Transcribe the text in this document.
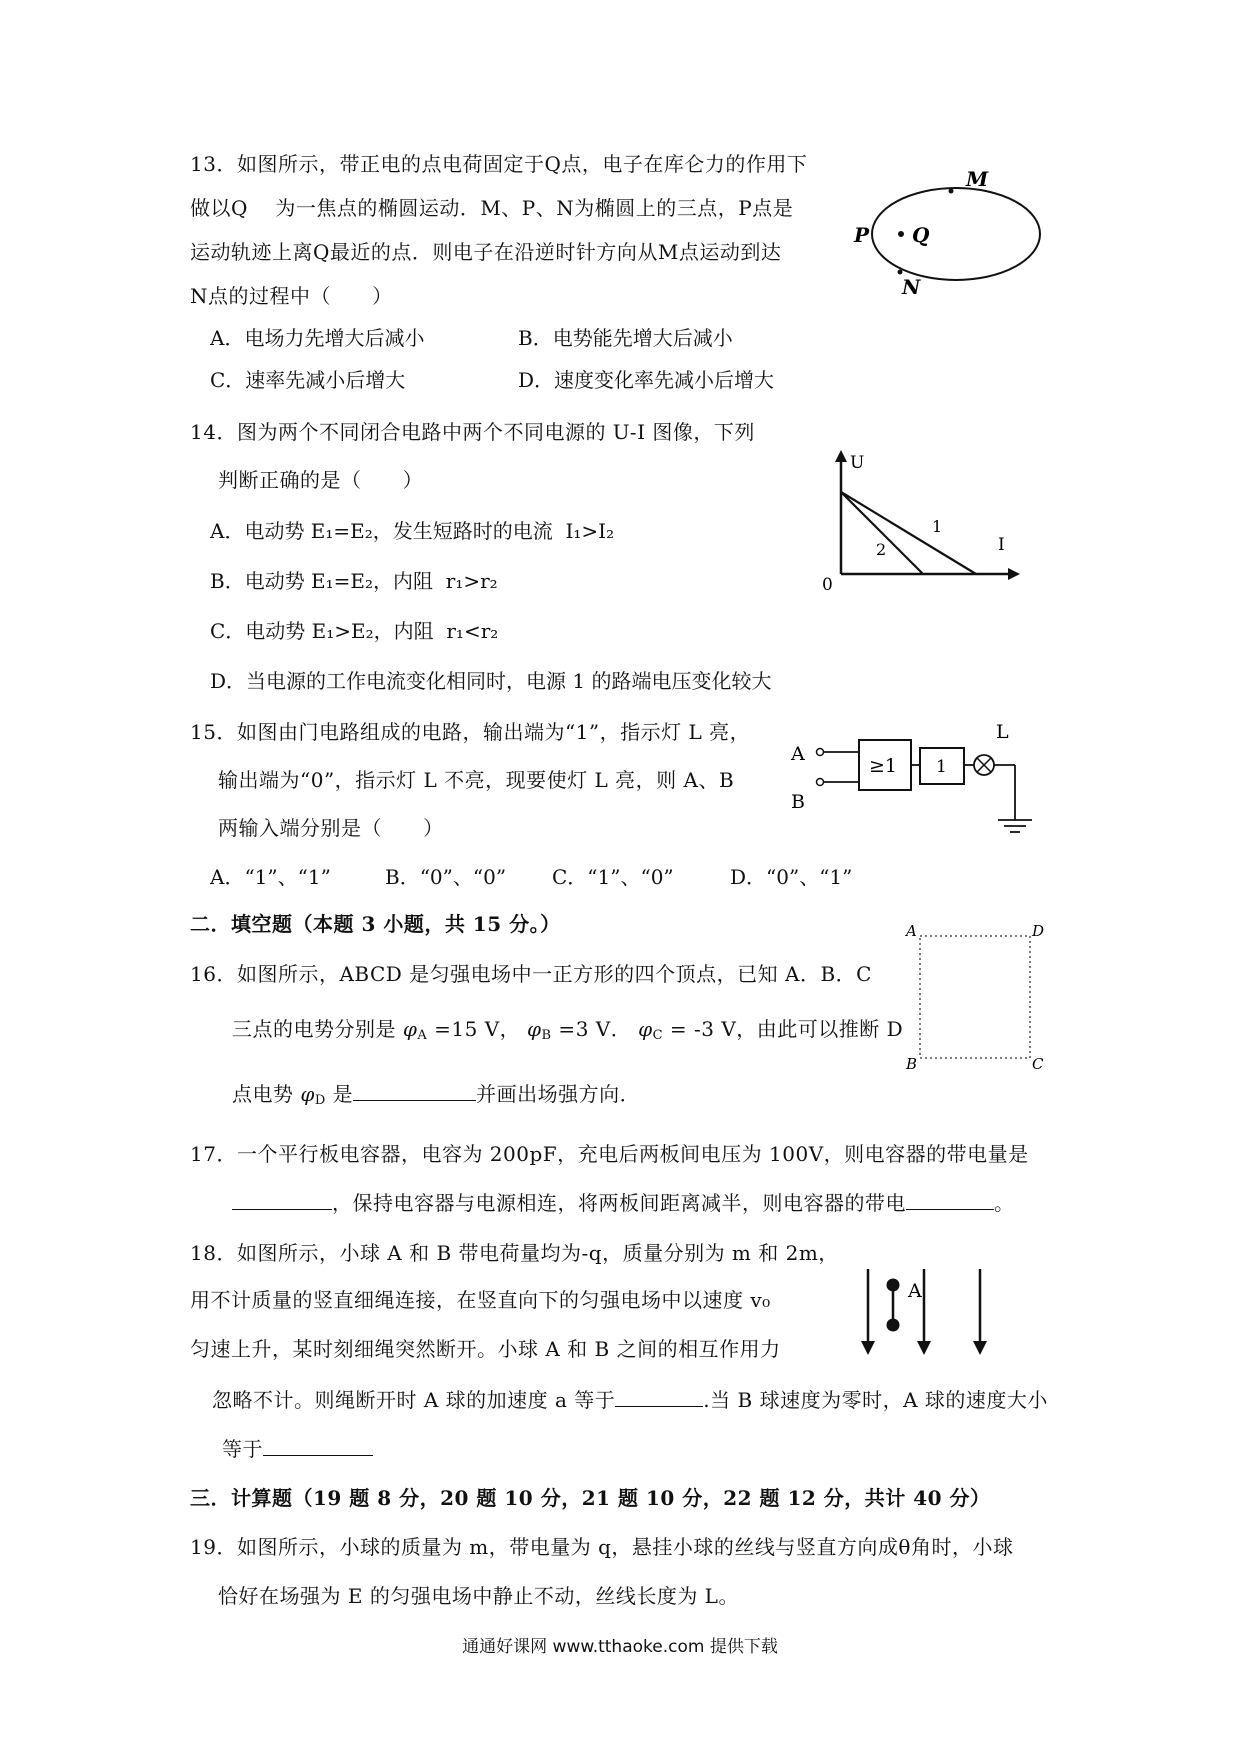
13．如图所示，带正电的点电荷固定于Q点，电子在库仑力的作用下
做以Q    为一焦点的椭圆运动．M、P、N为椭圆上的三点，P点是
运动轨迹上离Q最近的点．则电子在沿逆时针方向从M点运动到达
N点的过程中（      ）
A．电场力先增大后减小	B．电势能先增大后减小
C．速率先减小后增大	D．速度变化率先减小后增大
M
P Q
N
14．图为两个不同闭合电路中两个不同电源的 U-I 图像，下列
判断正确的是（      ）
A．电动势 E₁=E₂，发生短路时的电流  I₁>I₂
B．电动势 E₁=E₂，内阻  r₁>r₂
C．电动势 E₁>E₂，内阻  r₁<r₂
D．当电源的工作电流变化相同时，电源 1 的路端电压变化较大
U
I
0
1
2
15．如图由门电路组成的电路，输出端为“1”，指示灯 L 亮，
输出端为“0”，指示灯 L 不亮，现要使灯 L 亮，则 A、B
两输入端分别是（      ）
A．“1”、“1”	B．“0”、“0” C．“1”、“0”	D．“0”、“1”
A
B
≥1 1
L
二．填空题（本题 3 小题，共 15 分。）
16．如图所示，ABCD 是匀强电场中一正方形的四个顶点，已知 A．B．C
三点的电势分别是 $\varphi_A =15$ V， $\varphi_B =3$ V． $\varphi_C = -3$ V，由此可以推断 D
点电势 $\varphi_D$ 是	并画出场强方向．
A	D
B	C
17．一个平行板电容器，电容为 200pF，充电后两板间电压为 100V，则电容器的带电量是
，保持电容器与电源相连，将两板间距离减半，则电容器的带电	。
18．如图所示，小球 A 和 B 带电荷量均为-q，质量分别为 m 和 2m，
用不计质量的竖直细绳连接，在竖直向下的匀强电场中以速度 v₀
匀速上升，某时刻细绳突然断开。小球 A 和 B 之间的相互作用力
忽略不计。则绳断开时 A 球的加速度 a 等于	.当 B 球速度为零时，A 球的速度大小
等于
A
三．计算题（19 题 8 分，20 题 10 分，21 题 10 分，22 题 12 分，共计 40 分）
19．如图所示，小球的质量为 m，带电量为 q，悬挂小球的丝线与竖直方向成θ角时，小球
恰好在场强为 E 的匀强电场中静止不动，丝线长度为 L。
通通好课网 www.tthaoke.com 提供下载
